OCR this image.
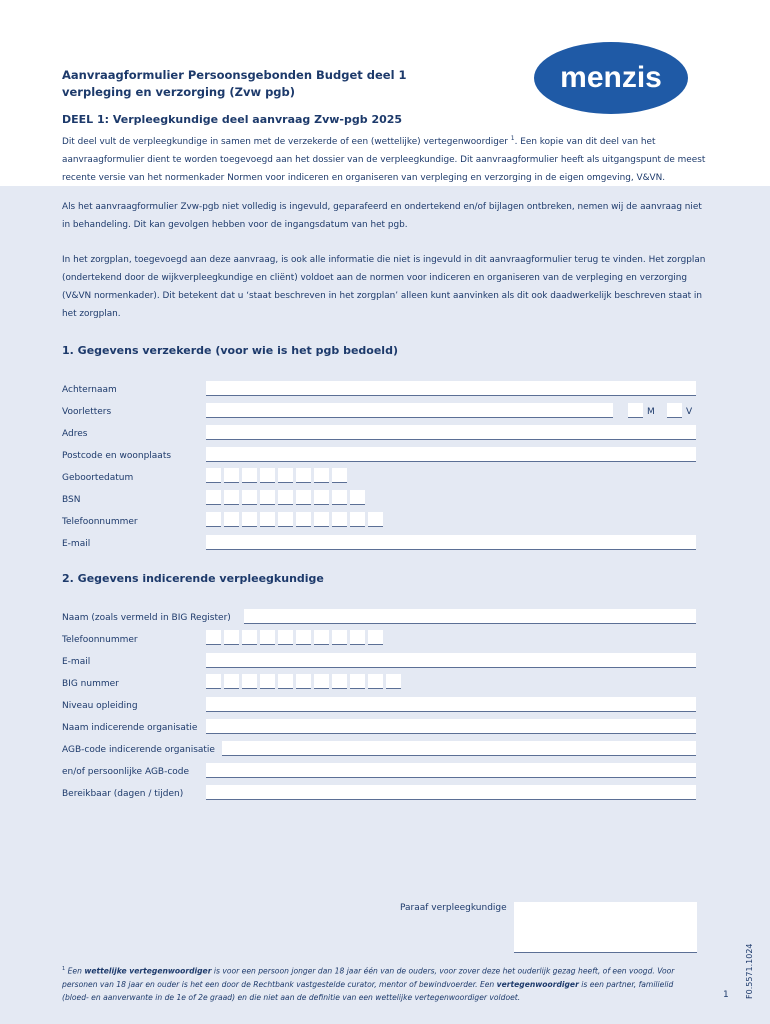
Aanvraagformulier Persoonsgebonden Budget deel 1
verpleging en verzorging (Zvw pgb)	menzis
DEEL 1: Verpleegkundige deel aanvraag Zvw-pgb 2025
Dit deel vult de verpleegkundige in samen met de verzekerde of een (wettelijke) vertegenwoordiger $^1$. Een kopie van dit deel van het aanvraagformulier dient te worden toegevoegd aan het dossier van de verpleegkundige. Dit aanvraagformulier heeft als uitgangspunt de meest recente versie van het normenkader Normen voor indiceren en organiseren van verpleging en verzorging in de eigen omgeving, V&VN.
Als het aanvraagformulier Zvw-pgb niet volledig is ingevuld, geparafeerd en ondertekend en/of bijlagen ontbreken, nemen wij de aanvraag niet in behandeling. Dit kan gevolgen hebben voor de ingangsdatum van het pgb.
In het zorgplan, toegevoegd aan deze aanvraag, is ook alle informatie die niet is ingevuld in dit aanvraagformulier terug te vinden. Het zorgplan (ondertekend door de wijkverpleegkundige en cliënt) voldoet aan de normen voor indiceren en organiseren van de verpleging en verzorging (V&VN normenkader). Dit betekent dat u ‘staat beschreven in het zorgplan’ alleen kunt aanvinken als dit ook daadwerkelijk beschreven staat in het zorgplan.
1. Gegevens verzekerde (voor wie is het pgb bedoeld)
Achternaam
Voorletters	M	V
Adres
Postcode en woonplaats
Geboortedatum
BSN
Telefoonnummer
E-mail
2. Gegevens indicerende verpleegkundige
Naam (zoals vermeld in BIG Register)
Telefoonnummer
E-mail
BIG nummer
Niveau opleiding
Naam indicerende organisatie
AGB-code indicerende organisatie
en/of persoonlijke AGB-code
Bereikbaar (dagen / tijden)
Paraaf verpleegkundige
$^1$ Een wettelijke vertegenwoordiger is voor een persoon jonger dan 18 jaar één van de ouders, voor zover deze het ouderlijk gezag heeft, of een voogd. Voor personen van 18 jaar en ouder is het een door de Rechtbank vastgestelde curator, mentor of bewindvoerder. Een vertegenwoordiger is een partner, familielid (bloed- en aanverwante in de 1e of 2e graad) en die niet aan de definitie van een wettelijke vertegenwoordiger voldoet.	1 F0.5571.1024
